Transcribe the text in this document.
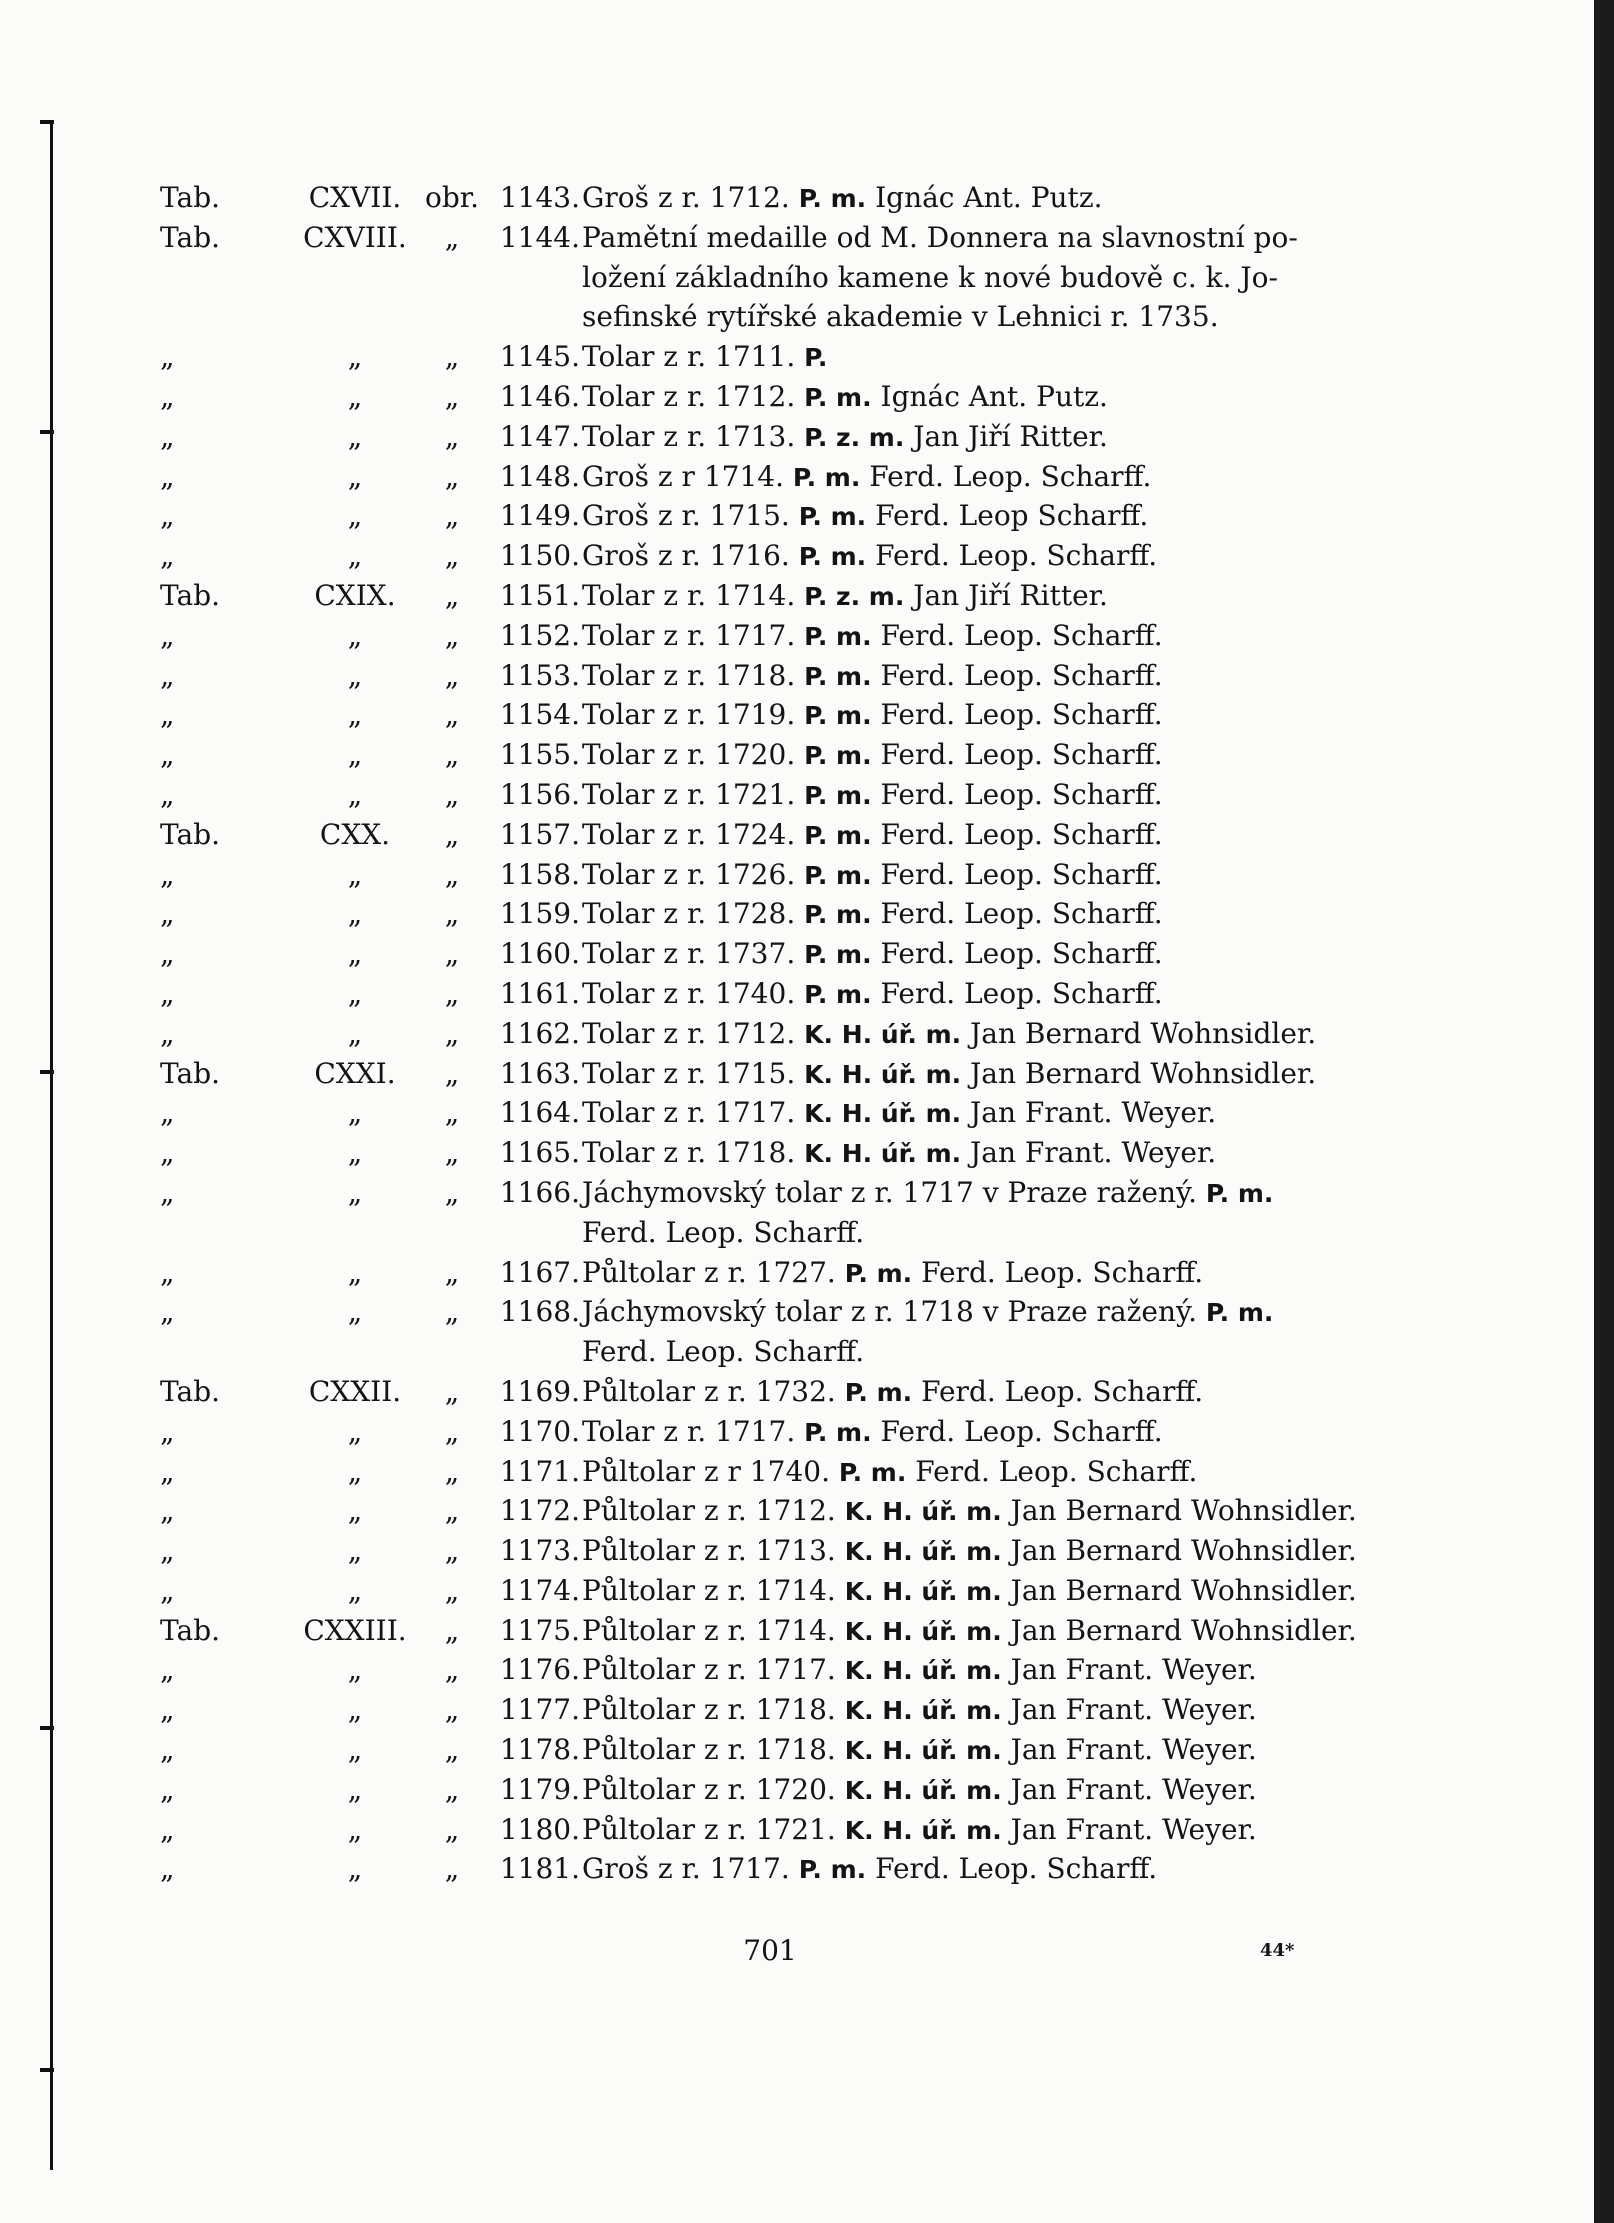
Tab.	CXVII. obr. 1143. Groš z r. 1712. P. m. Ignác Ant. Putz.
Tab.	CXVIII.	„	1144. Pamětní medaille od M. Donnera na slavnostní po-
ložení základního kamene k nové budově c. k. Jo-
sefinské rytířské akademie v Lehnici r. 1735.
„	„	„	1145. Tolar z r. 1711. P.
„	„	„	1146. Tolar z r. 1712. P. m. Ignác Ant. Putz.
„	„	„	1147. Tolar z r. 1713. P. z. m. Jan Jiří Ritter.
„	„	„	1148. Groš z r 1714. P. m. Ferd. Leop. Scharff.
„	„	„	1149. Groš z r. 1715. P. m. Ferd. Leop Scharff.
„	„	„	1150. Groš z r. 1716. P. m. Ferd. Leop. Scharff.
Tab.	CXIX.	„	1151. Tolar z r. 1714. P. z. m. Jan Jiří Ritter.
„	„	„	1152. Tolar z r. 1717. P. m. Ferd. Leop. Scharff.
„	„	„	1153. Tolar z r. 1718. P. m. Ferd. Leop. Scharff.
„	„	„	1154. Tolar z r. 1719. P. m. Ferd. Leop. Scharff.
„	„	„	1155. Tolar z r. 1720. P. m. Ferd. Leop. Scharff.
„	„	„	1156. Tolar z r. 1721. P. m. Ferd. Leop. Scharff.
Tab.	CXX.	„	1157. Tolar z r. 1724. P. m. Ferd. Leop. Scharff.
„	„	„	1158. Tolar z r. 1726. P. m. Ferd. Leop. Scharff.
„	„	„	1159. Tolar z r. 1728. P. m. Ferd. Leop. Scharff.
„	„	„	1160. Tolar z r. 1737. P. m. Ferd. Leop. Scharff.
„	„	„	1161. Tolar z r. 1740. P. m. Ferd. Leop. Scharff.
„	„	„	1162. Tolar z r. 1712. K. H. úř. m. Jan Bernard Wohnsidler.
Tab.	CXXI.	„	1163. Tolar z r. 1715. K. H. úř. m. Jan Bernard Wohnsidler.
„	„	„	1164. Tolar z r. 1717. K. H. úř. m. Jan Frant. Weyer.
„	„	„	1165. Tolar z r. 1718. K. H. úř. m. Jan Frant. Weyer.
„	„	„	1166. Jáchymovský tolar z r. 1717 v Praze ražený. P. m.
Ferd. Leop. Scharff.
„	„	„	1167. Půltolar z r. 1727. P. m. Ferd. Leop. Scharff.
„	„	„	1168. Jáchymovský tolar z r. 1718 v Praze ražený. P. m.
Ferd. Leop. Scharff.
Tab.	CXXII.	„	1169. Půltolar z r. 1732. P. m. Ferd. Leop. Scharff.
„	„	„	1170. Tolar z r. 1717. P. m. Ferd. Leop. Scharff.
„	„	„	1171. Půltolar z r 1740. P. m. Ferd. Leop. Scharff.
„	„	„	1172. Půltolar z r. 1712. K. H. úř. m. Jan Bernard Wohnsidler.
„	„	„	1173. Půltolar z r. 1713. K. H. úř. m. Jan Bernard Wohnsidler.
„	„	„	1174. Půltolar z r. 1714. K. H. úř. m. Jan Bernard Wohnsidler.
Tab.	CXXIII.	„	1175. Půltolar z r. 1714. K. H. úř. m. Jan Bernard Wohnsidler.
„	„	„	1176. Půltolar z r. 1717. K. H. úř. m. Jan Frant. Weyer.
„	„	„	1177. Půltolar z r. 1718. K. H. úř. m. Jan Frant. Weyer.
„	„	„	1178. Půltolar z r. 1718. K. H. úř. m. Jan Frant. Weyer.
„	„	„	1179. Půltolar z r. 1720. K. H. úř. m. Jan Frant. Weyer.
„	„	„	1180. Půltolar z r. 1721. K. H. úř. m. Jan Frant. Weyer.
„	„	„	1181. Groš z r. 1717. P. m. Ferd. Leop. Scharff.
701	44*
